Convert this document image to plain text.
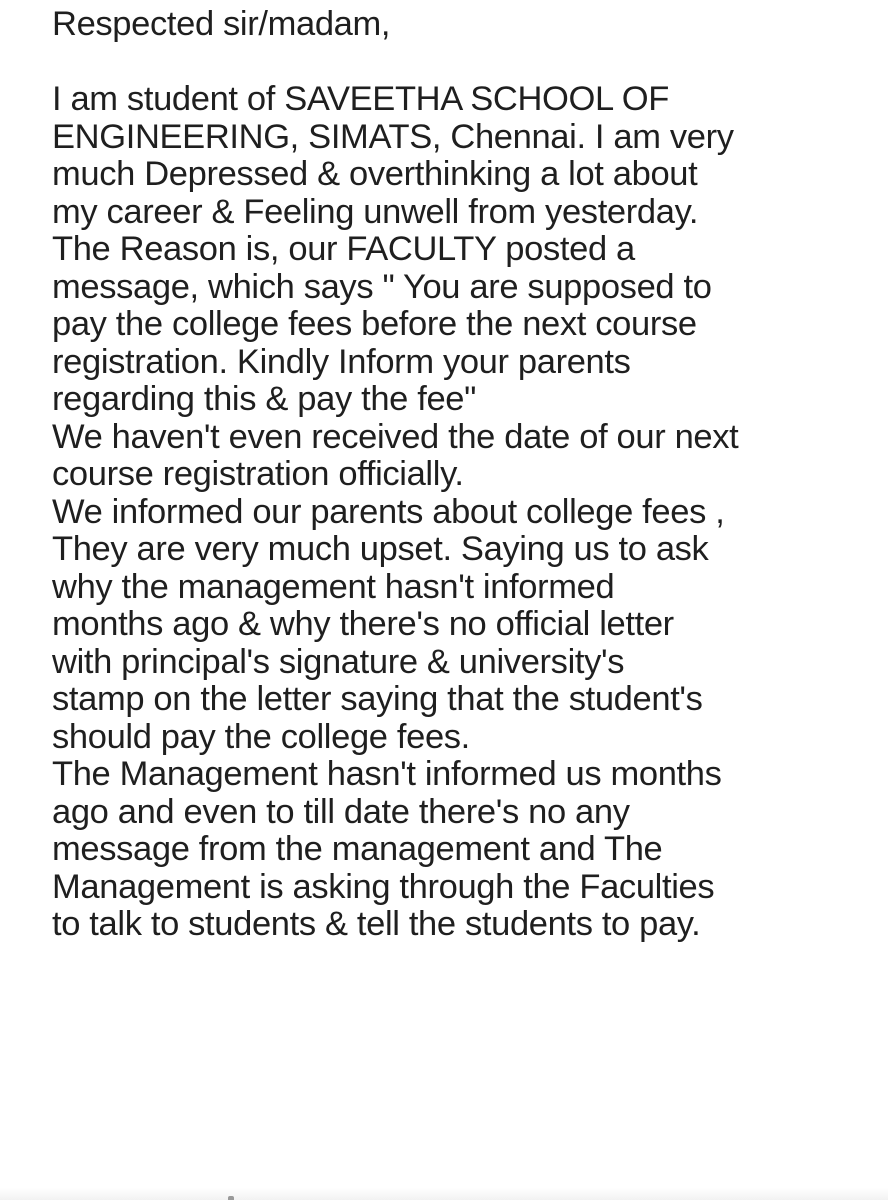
Respected sir/madam,
I am student of SAVEETHA SCHOOL OF
ENGINEERING, SIMATS, Chennai. I am very
much Depressed & overthinking a lot about
my career & Feeling unwell from yesterday.
The Reason is, our FACULTY posted a
message, which says " You are supposed to
pay the college fees before the next course
registration. Kindly Inform your parents
regarding this & pay the fee"
We haven't even received the date of our next
course registration officially.
We informed our parents about college fees ,
They are very much upset. Saying us to ask
why the management hasn't informed
months ago & why there's no official letter
with principal's signature & university's
stamp on the letter saying that the student's
should pay the college fees.
The Management hasn't informed us months
ago and even to till date there's no any
message from the management and The
Management is asking through the Faculties
to talk to students & tell the students to pay.
